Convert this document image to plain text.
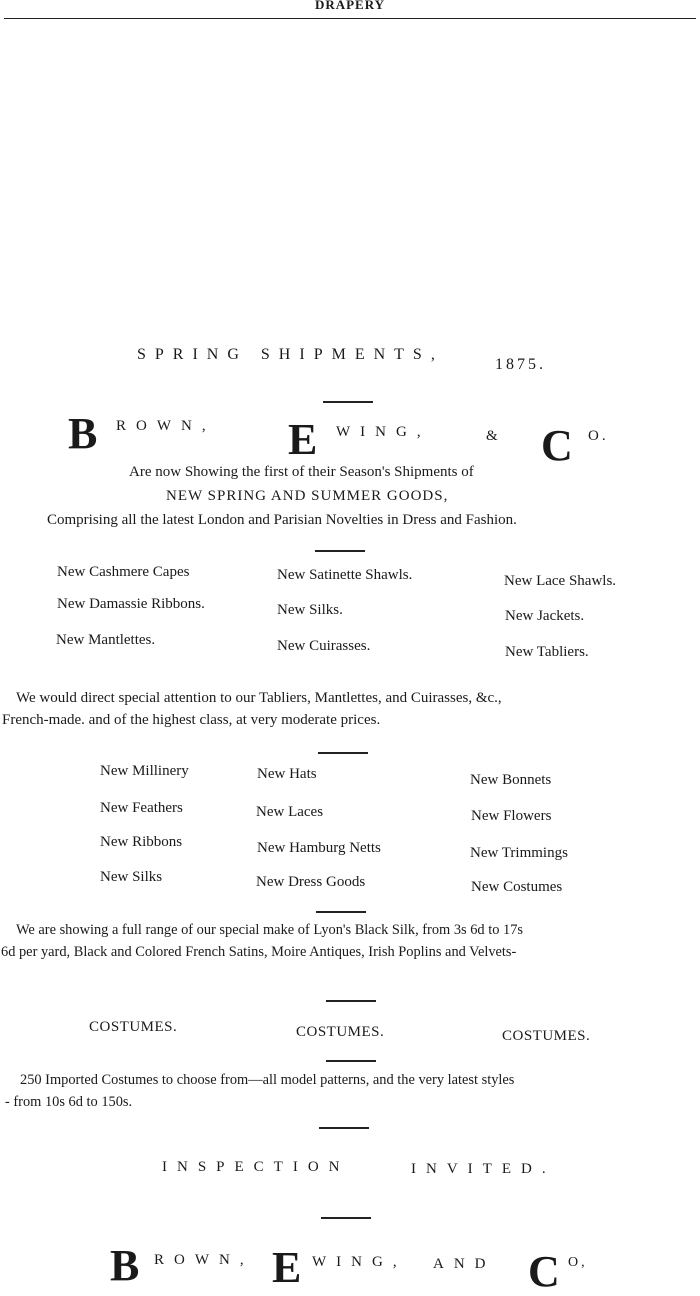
DRAPERY
SPRING SHIPMENTS,
1875.
B ROWN, E WING,	& C O.
Are now Showing the first of their Season's Shipments of
NEW SPRING AND SUMMER GOODS,
Comprising all the latest London and Parisian Novelties in Dress and Fashion.
New Cashmere Capes	New Satinette Shawls.	New Lace Shawls.
New Damassie Ribbons.	New Silks.	New Jackets.
New Mantlettes.	New Cuirasses.	New Tabliers.
We would direct special attention to our Tabliers, Mantlettes, and Cuirasses, &c.,
French-made. and of the highest class, at very moderate prices.
New Millinery	New Hats	New Bonnets
New Feathers	New Laces	New Flowers
New Ribbons	New Hamburg Netts	New Trimmings
New Silks	New Dress Goods	New Costumes
We are showing a full range of our special make of Lyon's Black Silk, from 3s 6d to 17s
6d per yard, Black and Colored French Satins, Moire Antiques, Irish Poplins and Velvets-
COSTUMES.	COSTUMES.	COSTUMES.
250 Imported Costumes to choose from—all model patterns, and the very latest styles
- from 10s 6d to 150s.
INSPECTION	INVITED.
B ROWN, E WING, AND C O,
